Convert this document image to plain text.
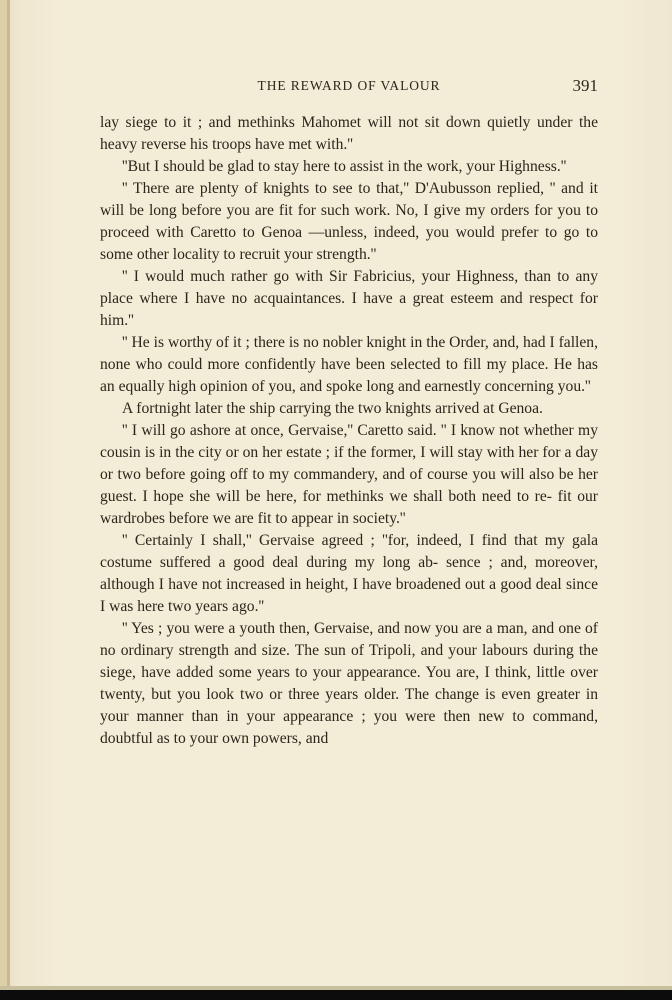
THE REWARD OF VALOUR	391

lay siege to it ; and methinks Mahomet will not sit down quietly under the heavy reverse his troops have met with.''

''But I should be glad to stay here to assist in the work, your Highness.''

'' There are plenty of knights to see to that,'' D'Aubusson replied, '' and it will be long before you are fit for such work. No, I give my orders for you to proceed with Caretto to Genoa —unless, indeed, you would prefer to go to some other locality to recruit your strength.''

'' I would much rather go with Sir Fabricius, your Highness, than to any place where I have no acquaintances. I have a great esteem and respect for him.''

'' He is worthy of it ; there is no nobler knight in the Order, and, had I fallen, none who could more confidently have been selected to fill my place. He has an equally high opinion of you, and spoke long and earnestly concerning you.''

A fortnight later the ship carrying the two knights arrived at Genoa.

'' I will go ashore at once, Gervaise,'' Caretto said. '' I know not whether my cousin is in the city or on her estate ; if the former, I will stay with her for a day or two before going off to my commandery, and of course you will also be her guest. I hope she will be here, for methinks we shall both need to re- fit our wardrobes before we are fit to appear in society.''

'' Certainly I shall,'' Gervaise agreed ; ''for, indeed, I find that my gala costume suffered a good deal during my long ab- sence ; and, moreover, although I have not increased in height, I have broadened out a good deal since I was here two years ago.''

'' Yes ; you were a youth then, Gervaise, and now you are a man, and one of no ordinary strength and size. The sun of Tripoli, and your labours during the siege, have added some years to your appearance. You are, I think, little over twenty, but you look two or three years older. The change is even greater in your manner than in your appearance ; you were then new to command, doubtful as to your own powers, and
